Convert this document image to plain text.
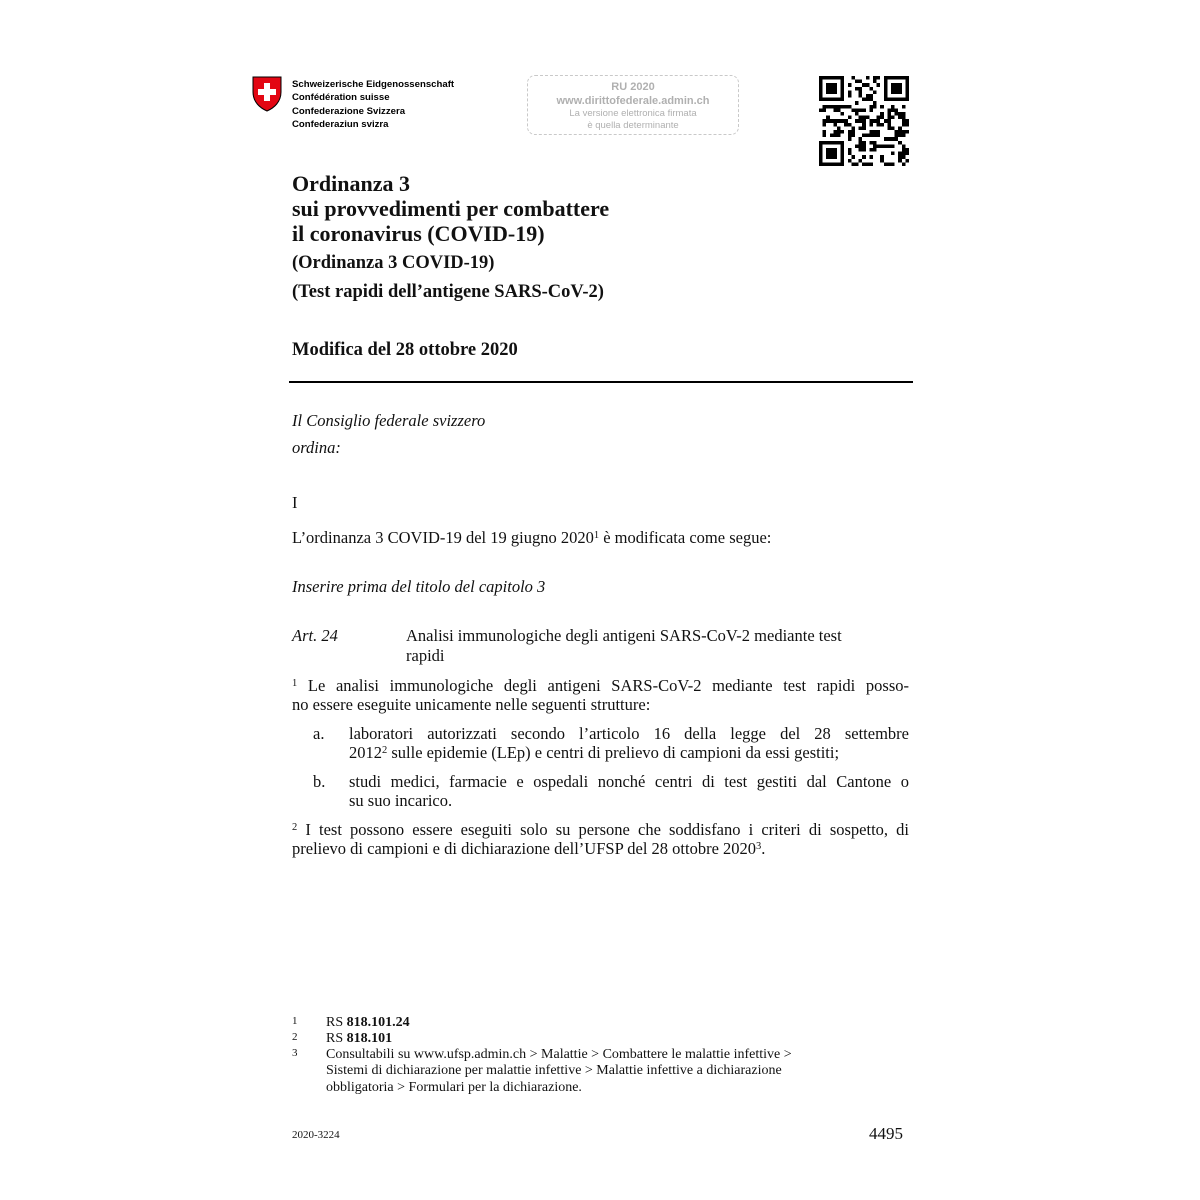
Schweizerische Eidgenossenschaft
Confédération suisse
Confederazione Svizzera
Confederaziun svizra
RU 2020
www.dirittofederale.admin.ch
La versione elettronica firmata
è quella determinante
Ordinanza 3
sui provvedimenti per combattere
il coronavirus (COVID-19)
(Ordinanza 3 COVID-19)
(Test rapidi dell’antigene SARS-CoV-2)
Modifica del 28 ottobre 2020
Il Consiglio federale svizzero
ordina:
I
L’ordinanza 3 COVID-19 del 19 giugno 2020$^1$ è modificata come segue:
Inserire prima del titolo del capitolo 3
Art. 24	Analisi immunologiche degli antigeni SARS-CoV-2 mediante test
rapidi
$^1$ Le analisi immunologiche degli antigeni SARS-CoV-2 mediante test rapidi posso-
no essere eseguite unicamente nelle seguenti strutture:
a. laboratori autorizzati secondo l’articolo 16 della legge del 28 settembre
2012$^2$ sulle epidemie (LEp) e centri di prelievo di campioni da essi gestiti;
b. studi medici, farmacie e ospedali nonché centri di test gestiti dal Cantone o
su suo incarico.
$^2$ I test possono essere eseguiti solo su persone che soddisfano i criteri di sospetto, di
prelievo di campioni e di dichiarazione dell’UFSP del 28 ottobre 2020$^3$.
1 RS 818.101.24
2 RS 818.101
3 Consultabili su www.ufsp.admin.ch > Malattie > Combattere le malattie infettive >
Sistemi di dichiarazione per malattie infettive > Malattie infettive a dichiarazione
obbligatoria > Formulari per la dichiarazione.
2020-3224	4495
